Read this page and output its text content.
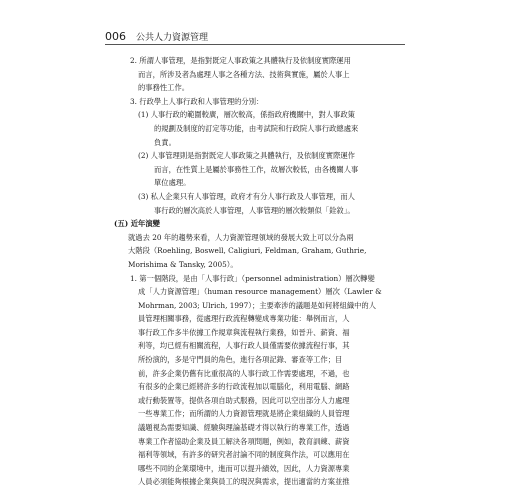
006 公共人力資源管理
2. 所謂人事管理，是指對既定人事政策之具體執行及依制度實際運用
而言，所涉及者為處理人事之各種方法、技術與實施，屬於人事上
的事務性工作。
3. 行政學上人事行政和人事管理的分別：
(1) 人事行政的範圍較廣，層次較高，係指政府機關中，對人事政策
的規劃及制度的訂定等功能，由考試院和行政院人事行政總處來
負責。
(2) 人事管理則是指對既定人事政策之具體執行，及依制度實際運作
而言，在性質上是屬於事務性工作，故層次較低，由各機關人事
單位處理。
(3) 私人企業只有人事管理，政府才有分人事行政及人事管理，而人
事行政的層次高於人事管理，人事管理的層次較類似「銓敘」。
(五) 近年演變
就過去 20 年的趨勢來看，人力資源管理領域的發展大致上可以分為兩
大階段（Roehling, Boswell, Caligiuri, Feldman, Graham, Guthrie,
Morishima & Tansky, 2005）。
1. 第一個階段，是由「人事行政」（personnel administration）層次轉變
成「人力資源管理」（human resource management）層次（Lawler &
Mohrman, 2003; Ulrich, 1997）；主要牽涉的議題是如何將組織中的人
員管理相關事務，從處理行政流程轉變成專業功能：舉例而言，人
事行政工作多半依據工作規章與流程執行業務，如晉升、薪資、福
利等，均已經有相關流程，人事行政人員僅需要依據流程行事，其
所扮演的，多是守門員的角色，進行各項記錄、審查等工作；目
前，許多企業仍舊有比重很高的人事行政工作需要處理，不過，也
有很多的企業已經將許多的行政流程加以電腦化，利用電腦、網路
或行動裝置等，提供各項自助式服務，因此可以空出部分人力處理
一些專業工作；而所謂的人力資源管理就是將企業組織的人員管理
議題視為需要知識、經驗與理論基礎才得以執行的專業工作，透過
專業工作者協助企業及員工解決各項問題，例如，教育訓練、薪資
福利等領域，有許多的研究者討論不同的制度與作法，可以應用在
哪些不同的企業環境中，進而可以提升績效，因此，人力資源專業
人員必須能夠根據企業與員工的現況與需求，提出適當的方案並推
